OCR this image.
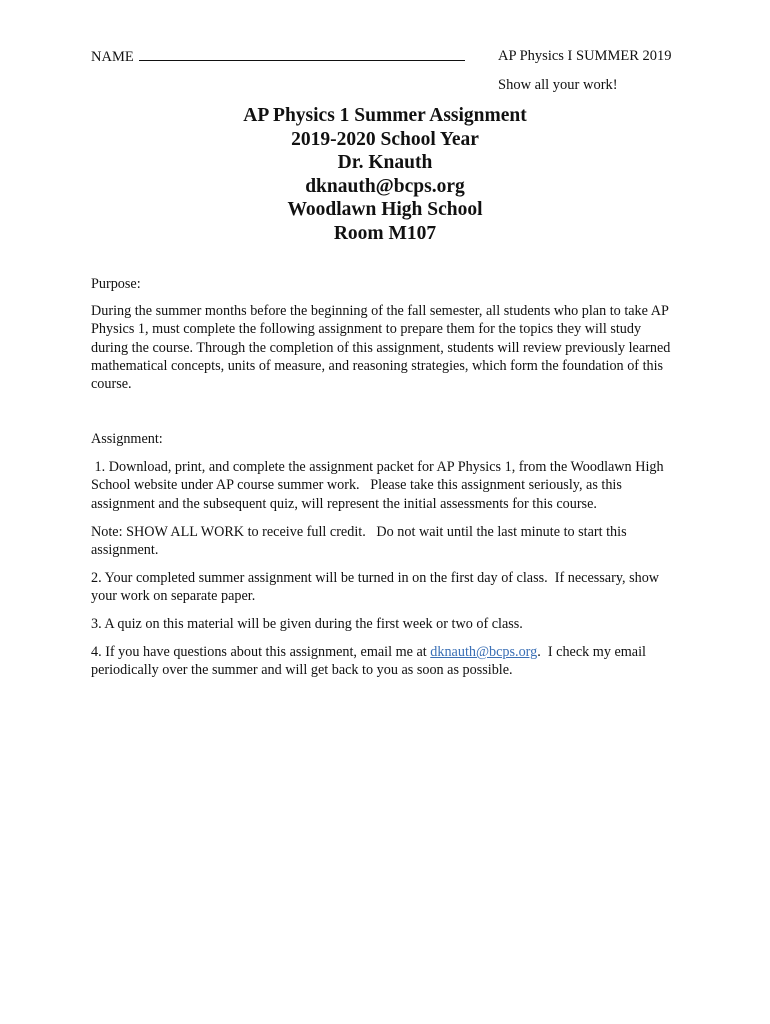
NAME	AP Physics I SUMMER 2019
Show all your work!
AP Physics 1 Summer Assignment
2019-2020 School Year
Dr. Knauth
dknauth@bcps.org
Woodlawn High School
Room M107
Purpose:
During the summer months before the beginning of the fall semester, all students who plan to take AP Physics 1, must complete the following assignment to prepare them for the topics they will study during the course. Through the completion of this assignment, students will review previously learned mathematical concepts, units of measure, and reasoning strategies, which form the foundation of this course.
Assignment:
1. Download, print, and complete the assignment packet for AP Physics 1, from the Woodlawn High School website under AP course summer work.   Please take this assignment seriously, as this assignment and the subsequent quiz, will represent the initial assessments for this course.
Note: SHOW ALL WORK to receive full credit.   Do not wait until the last minute to start this assignment.
2. Your completed summer assignment will be turned in on the first day of class.  If necessary, show your work on separate paper.
3. A quiz on this material will be given during the first week or two of class.
4. If you have questions about this assignment, email me at dknauth@bcps.org.  I check my email periodically over the summer and will get back to you as soon as possible.
